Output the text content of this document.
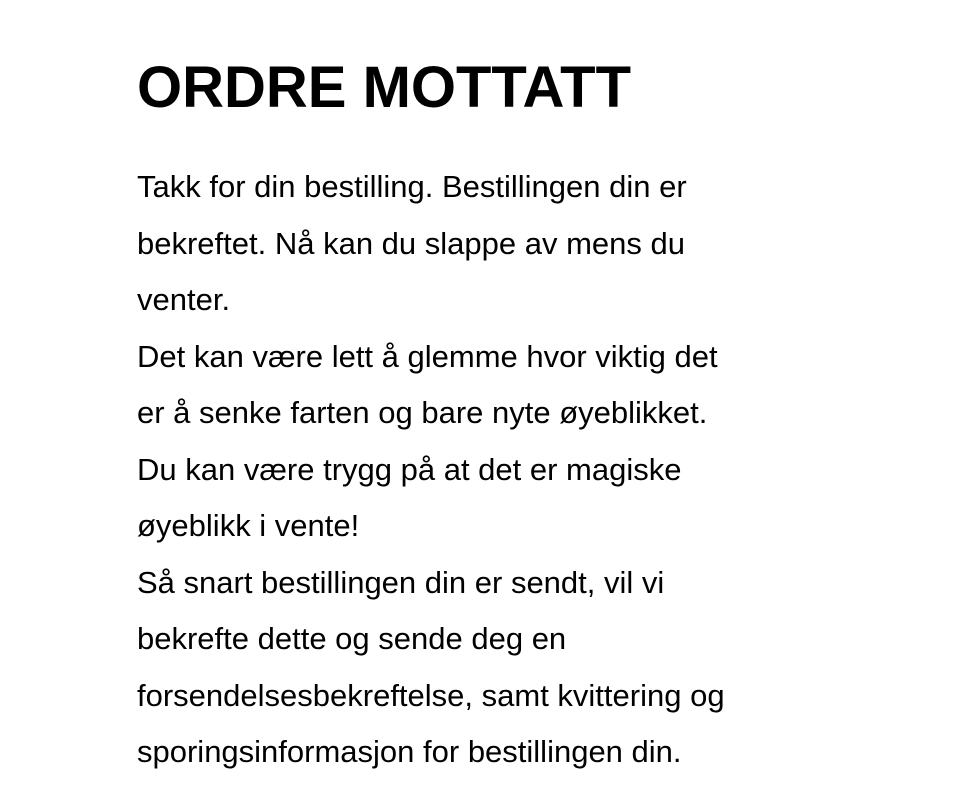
ORDRE MOTTATT
Takk for din bestilling. Bestillingen din er
bekreftet. Nå kan du slappe av mens du
venter.
Det kan være lett å glemme hvor viktig det
er å senke farten og bare nyte øyeblikket.
Du kan være trygg på at det er magiske
øyeblikk i vente!
Så snart bestillingen din er sendt, vil vi
bekrefte dette og sende deg en
forsendelsesbekreftelse, samt kvittering og
sporingsinformasjon for bestillingen din.
